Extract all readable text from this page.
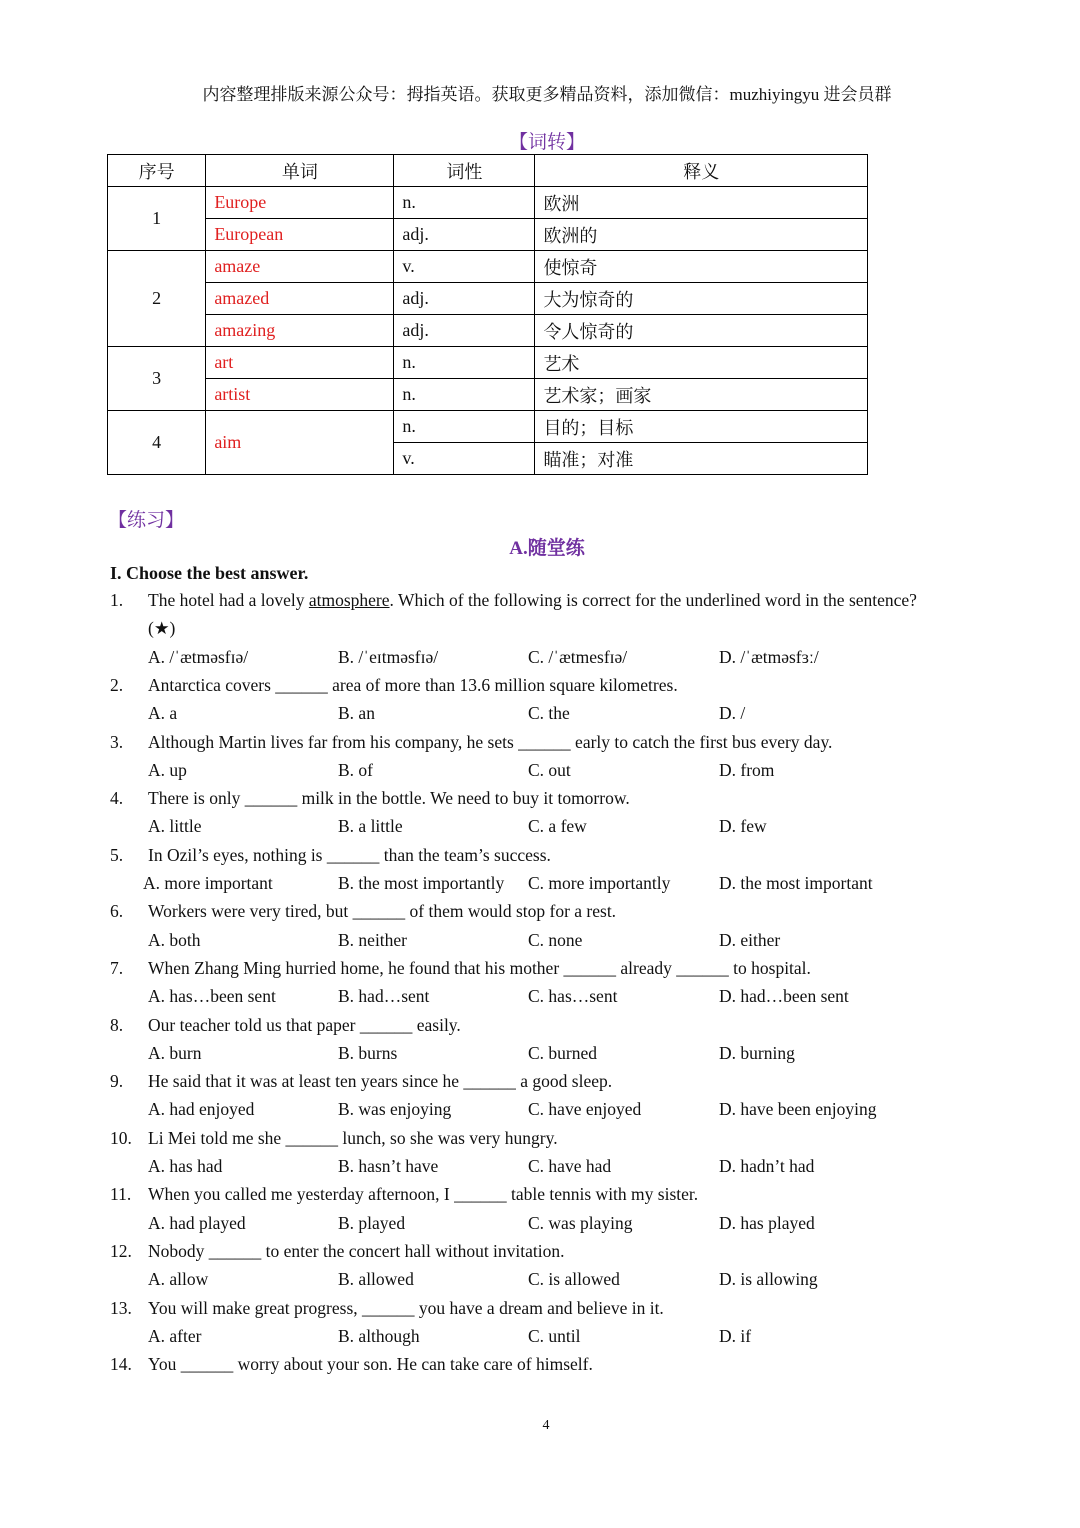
内容整理排版来源公众号：拇指英语。获取更多精品资料，添加微信：muzhiyingyu 进会员群
【词转】
序号	单词	词性	释义
1	Europe	n.	欧洲
	European	adj.	欧洲的
2	amaze	v.	使惊奇
	amazed	adj.	大为惊奇的
	amazing	adj.	令人惊奇的
3	art	n.	艺术
	artist	n.	艺术家；画家
4	aim	n.	目的；目标
		v.	瞄准；对准
【练习】
A.随堂练
I. Choose the best answer.
1. The hotel had a lovely atmosphere. Which of the following is correct for the underlined word in the sentence?
(★)
A. /ˈætməsfɪə/	B. /ˈeɪtməsfɪə/	C. /ˈætmesfɪə/	D. /ˈætməsfɜː/
2. Antarctica covers ______ area of more than 13.6 million square kilometres.
A. a	B. an	C. the	D. /
3. Although Martin lives far from his company, he sets ______ early to catch the first bus every day.
A. up	B. of	C. out	D. from
4. There is only ______ milk in the bottle. We need to buy it tomorrow.
A. little	B. a little	C. a few	D. few
5. In Ozil’s eyes, nothing is ______ than the team’s success.
A. more important	B. the most importantly C. more importantly	D. the most important
6. Workers were very tired, but ______ of them would stop for a rest.
A. both	B. neither	C. none	D. either
7. When Zhang Ming hurried home, he found that his mother ______ already ______ to hospital.
A. has…been sent	B. had…sent	C. has…sent	D. had…been sent
8. Our teacher told us that paper ______ easily.
A. burn	B. burns	C. burned	D. burning
9. He said that it was at least ten years since he ______ a good sleep.
A. had enjoyed	B. was enjoying	C. have enjoyed	D. have been enjoying
10. Li Mei told me she ______ lunch, so she was very hungry.
A. has had	B. hasn’t have	C. have had	D. hadn’t had
11. When you called me yesterday afternoon, I ______ table tennis with my sister.
A. had played	B. played	C. was playing	D. has played
12. Nobody ______ to enter the concert hall without invitation.
A. allow	B. allowed	C. is allowed	D. is allowing
13. You will make great progress, ______ you have a dream and believe in it.
A. after	B. although	C. until	D. if
14. You ______ worry about your son. He can take care of himself.
4
